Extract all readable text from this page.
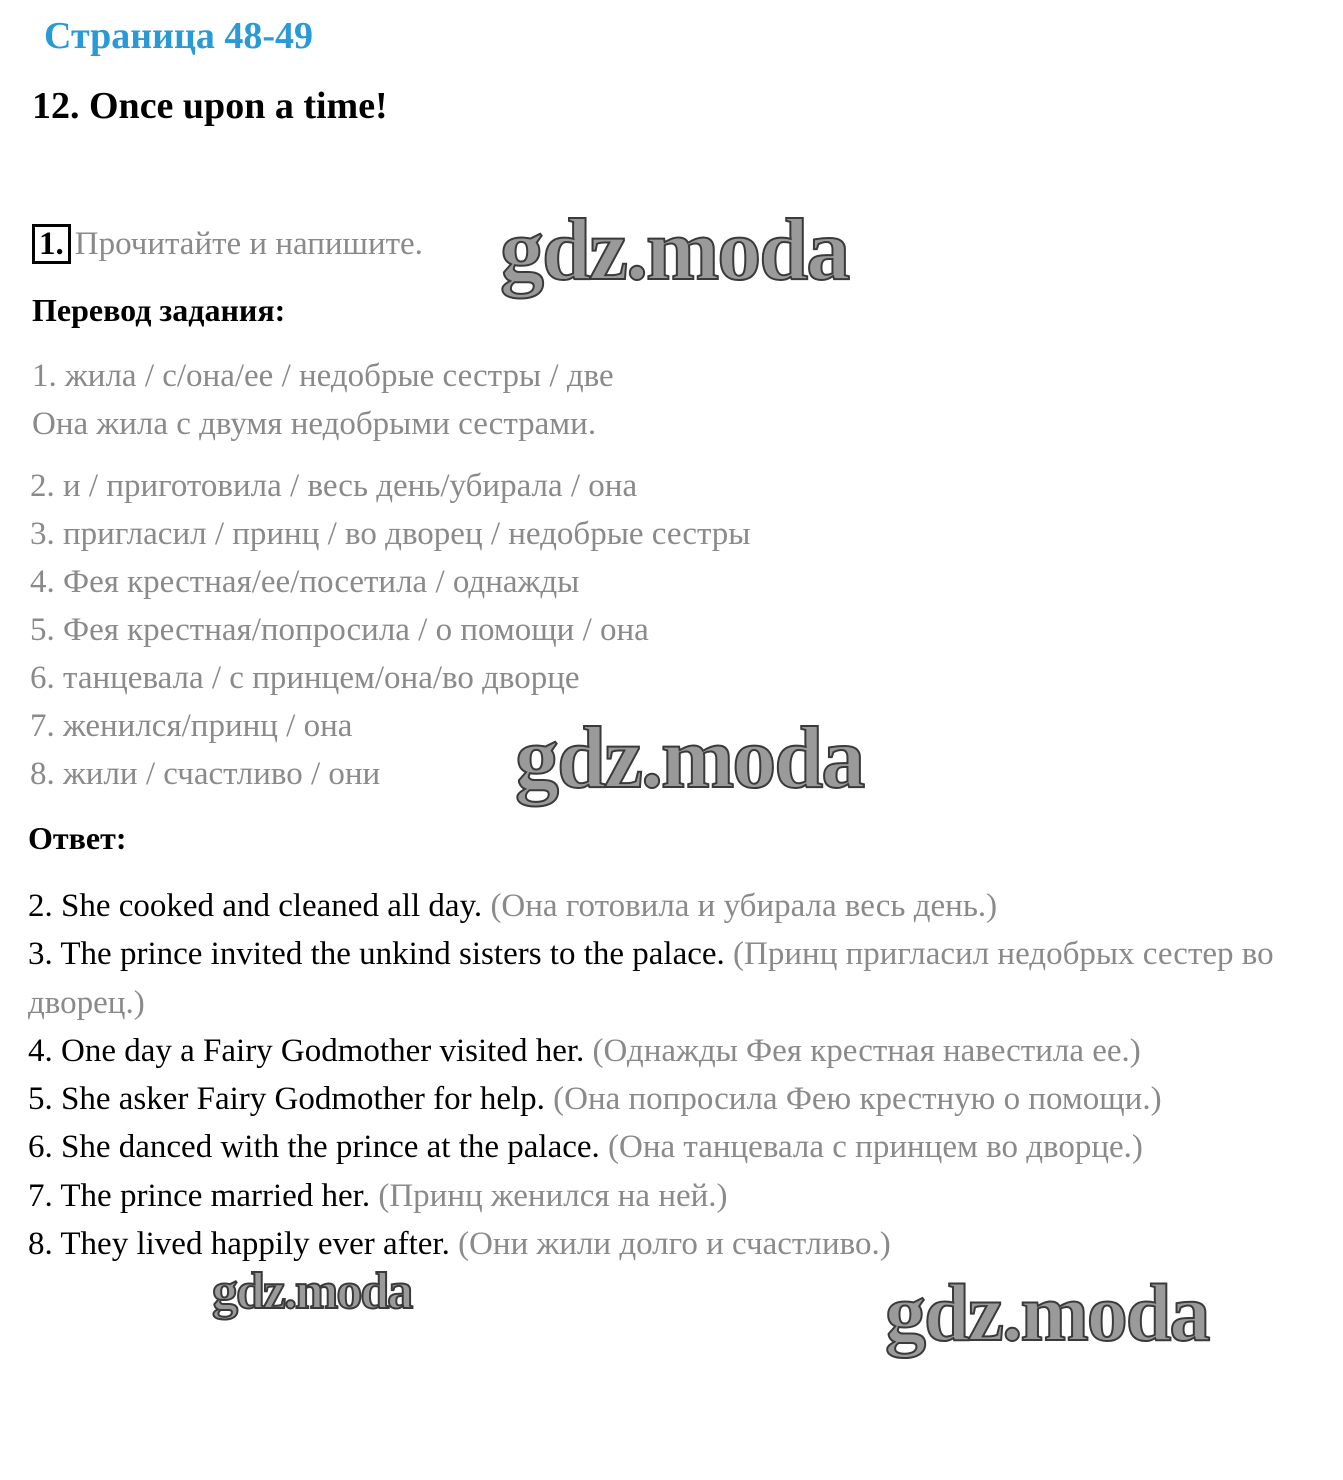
Страница 48-49
12. Once upon a time!
1. Прочитайте и напишите.
Перевод задания:
1. жила / с/она/ее / недобрые сестры / две
Она жила с двумя недобрыми сестрами.
2. и / приготовила / весь день/убирала / она
3. пригласил / принц / во дворец / недобрые сестры
4. Фея крестная/ее/посетила / однажды
5. Фея крестная/попросила / о помощи / она
6. танцевала / с принцем/она/во дворце
7. женился/принц / она
8. жили / счастливо / они
Ответ:

2. She cooked and cleaned all day. (Она готовила и убирала весь день.)

3. The prince invited the unkind sisters to the palace. (Принц пригласил недобрых сестер во дворец.)

4. One day a Fairy Godmother visited her. (Однажды Фея крестная навестила ее.)

5. She asker Fairy Godmother for help. (Она попросила Фею крестную о помощи.)

6. She danced with the prince at the palace. (Она танцевала с принцем во дворце.)

7. The prince married her. (Принц женился на ней.)

8. They lived happily ever after. (Они жили долго и счастливо.)

gdz.moda
gdz.moda
gdz.moda	gdz.moda
